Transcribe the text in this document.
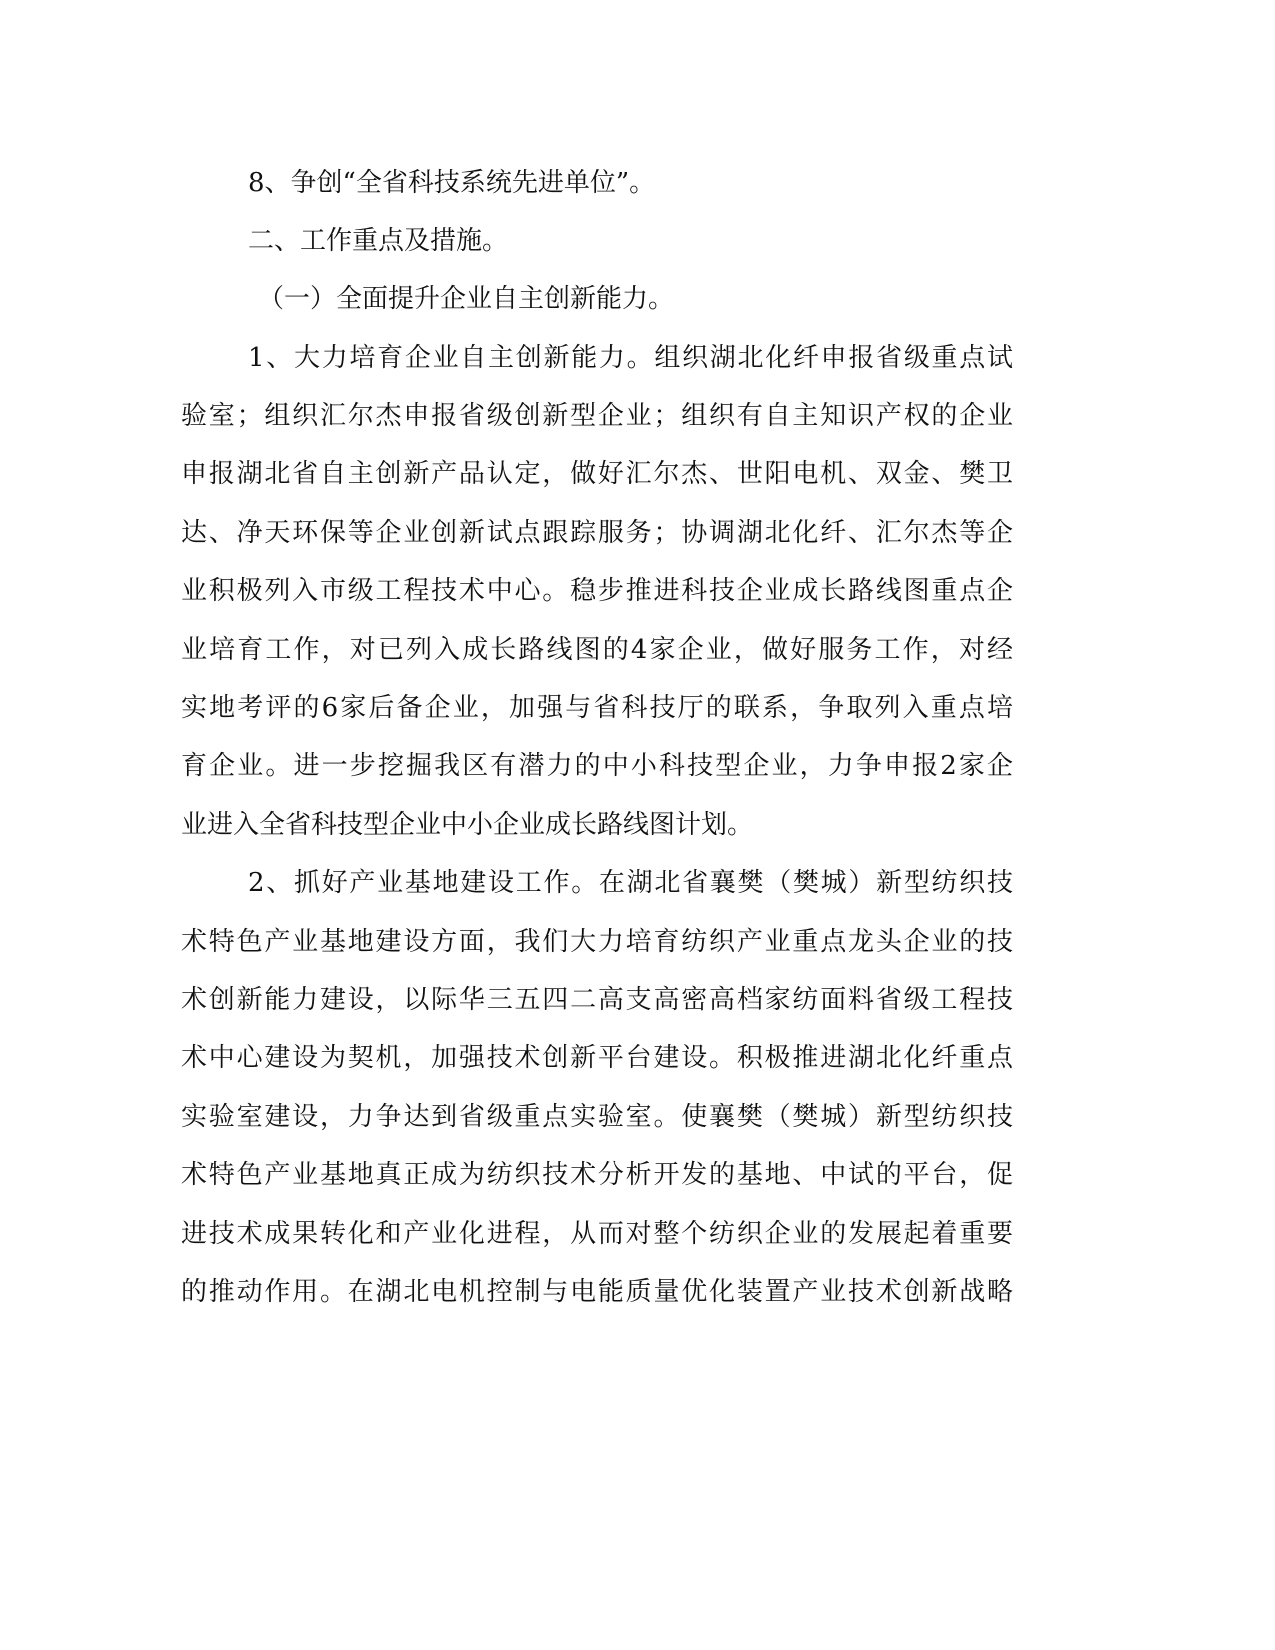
8、争创“全省科技系统先进单位”。
二、工作重点及措施。
（一）全面提升企业自主创新能力。
1、大力培育企业自主创新能力。组织湖北化纤申报省级重点试
验室；组织汇尔杰申报省级创新型企业；组织有自主知识产权的企业
申报湖北省自主创新产品认定，做好汇尔杰、世阳电机、双金、樊卫
达、净天环保等企业创新试点跟踪服务；协调湖北化纤、汇尔杰等企
业积极列入市级工程技术中心。稳步推进科技企业成长路线图重点企
业培育工作，对已列入成长路线图的4家企业，做好服务工作，对经
实地考评的6家后备企业，加强与省科技厅的联系，争取列入重点培
育企业。进一步挖掘我区有潜力的中小科技型企业，力争申报2家企
业进入全省科技型企业中小企业成长路线图计划。
2、抓好产业基地建设工作。在湖北省襄樊（樊城）新型纺织技
术特色产业基地建设方面，我们大力培育纺织产业重点龙头企业的技
术创新能力建设，以际华三五四二高支高密高档家纺面料省级工程技
术中心建设为契机，加强技术创新平台建设。积极推进湖北化纤重点
实验室建设，力争达到省级重点实验室。使襄樊（樊城）新型纺织技
术特色产业基地真正成为纺织技术分析开发的基地、中试的平台，促
进技术成果转化和产业化进程，从而对整个纺织企业的发展起着重要
的推动作用。在湖北电机控制与电能质量优化装置产业技术创新战略
